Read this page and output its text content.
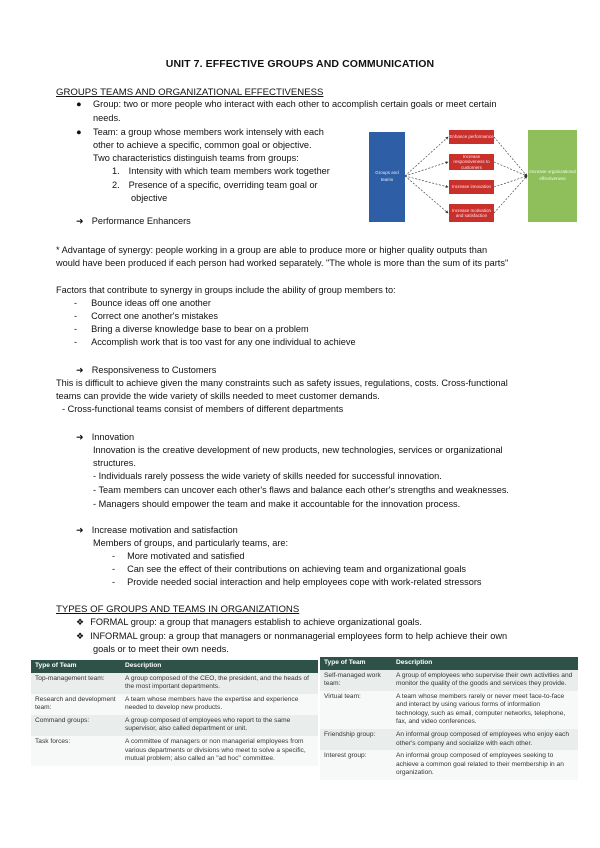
UNIT 7. EFFECTIVE GROUPS AND COMMUNICATION
GROUPS TEAMS AND ORGANIZATIONAL EFFECTIVENESS
● Group: two or more people who interact with each other to accomplish certain goals or meet certain
needs.
● Team: a group whose members work intensely with each
other to achieve a specific, common goal or objective.
Two characteristics distinguish teams from groups:
1. Intensity with which team members work together
2. Presence of a specific, overriding team goal or
objective
➜ Performance Enhancers
Groups and teams
Enhance performance
Increase responsiveness to customers
Increase innovation
Increase motivation and satisfaction
Increase organizational effectiveness
* Advantage of synergy: people working in a group are able to produce more or higher quality outputs than
would have been produced if each person had worked separately. "The whole is more than the sum of its parts"
Factors that contribute to synergy in groups include the ability of group members to:
- Bounce ideas off one another
- Correct one another's mistakes
- Bring a diverse knowledge base to bear on a problem
- Accomplish work that is too vast for any one individual to achieve
➜ Responsiveness to Customers
This is difficult to achieve given the many constraints such as safety issues, regulations, costs. Cross-functional
teams can provide the wide variety of skills needed to meet customer demands.
- Cross-functional teams consist of members of different departments
➜ Innovation
Innovation is the creative development of new products, new technologies, services or organizational
structures.
- Individuals rarely possess the wide variety of skills needed for successful innovation.
- Team members can uncover each other's flaws and balance each other's strengths and weaknesses.
- Managers should empower the team and make it accountable for the innovation process.
➜ Increase motivation and satisfaction
Members of groups, and particularly teams, are:
- More motivated and satisfied
- Can see the effect of their contributions on achieving team and organizational goals
- Provide needed social interaction and help employees cope with work-related stressors
TYPES OF GROUPS AND TEAMS IN ORGANIZATIONS
❖ FORMAL group: a group that managers establish to achieve organizational goals.
❖ INFORMAL group: a group that managers or nonmanagerial employees form to help achieve their own
goals or to meet their own needs.
Type of Team	Description
Top-management team:	A group composed of the CEO, the president, and the heads of the most important departments.
Research and development team:	A team whose members have the expertise and experience needed to develop new products.
Command groups:	A group composed of employees who report to the same supervisor, also called department or unit.
Task forces:	A committee of managers or non managerial employees from various departments or divisions who meet to solve a specific, mutual problem; also called an "ad hoc" committee.
Type of Team	Description
Self-managed work team:	A group of employees who supervise their own activities and monitor the quality of the goods and services they provide.
Virtual team:	A team whose members rarely or never meet face-to-face and interact by using various forms of information technology, such as email, computer networks, telephone, fax, and video conferences.
Friendship group:	An informal group composed of employees who enjoy each other's company and socialize with each other.
Interest group:	An informal group composed of employees seeking to achieve a common goal related to their membership in an organization.
